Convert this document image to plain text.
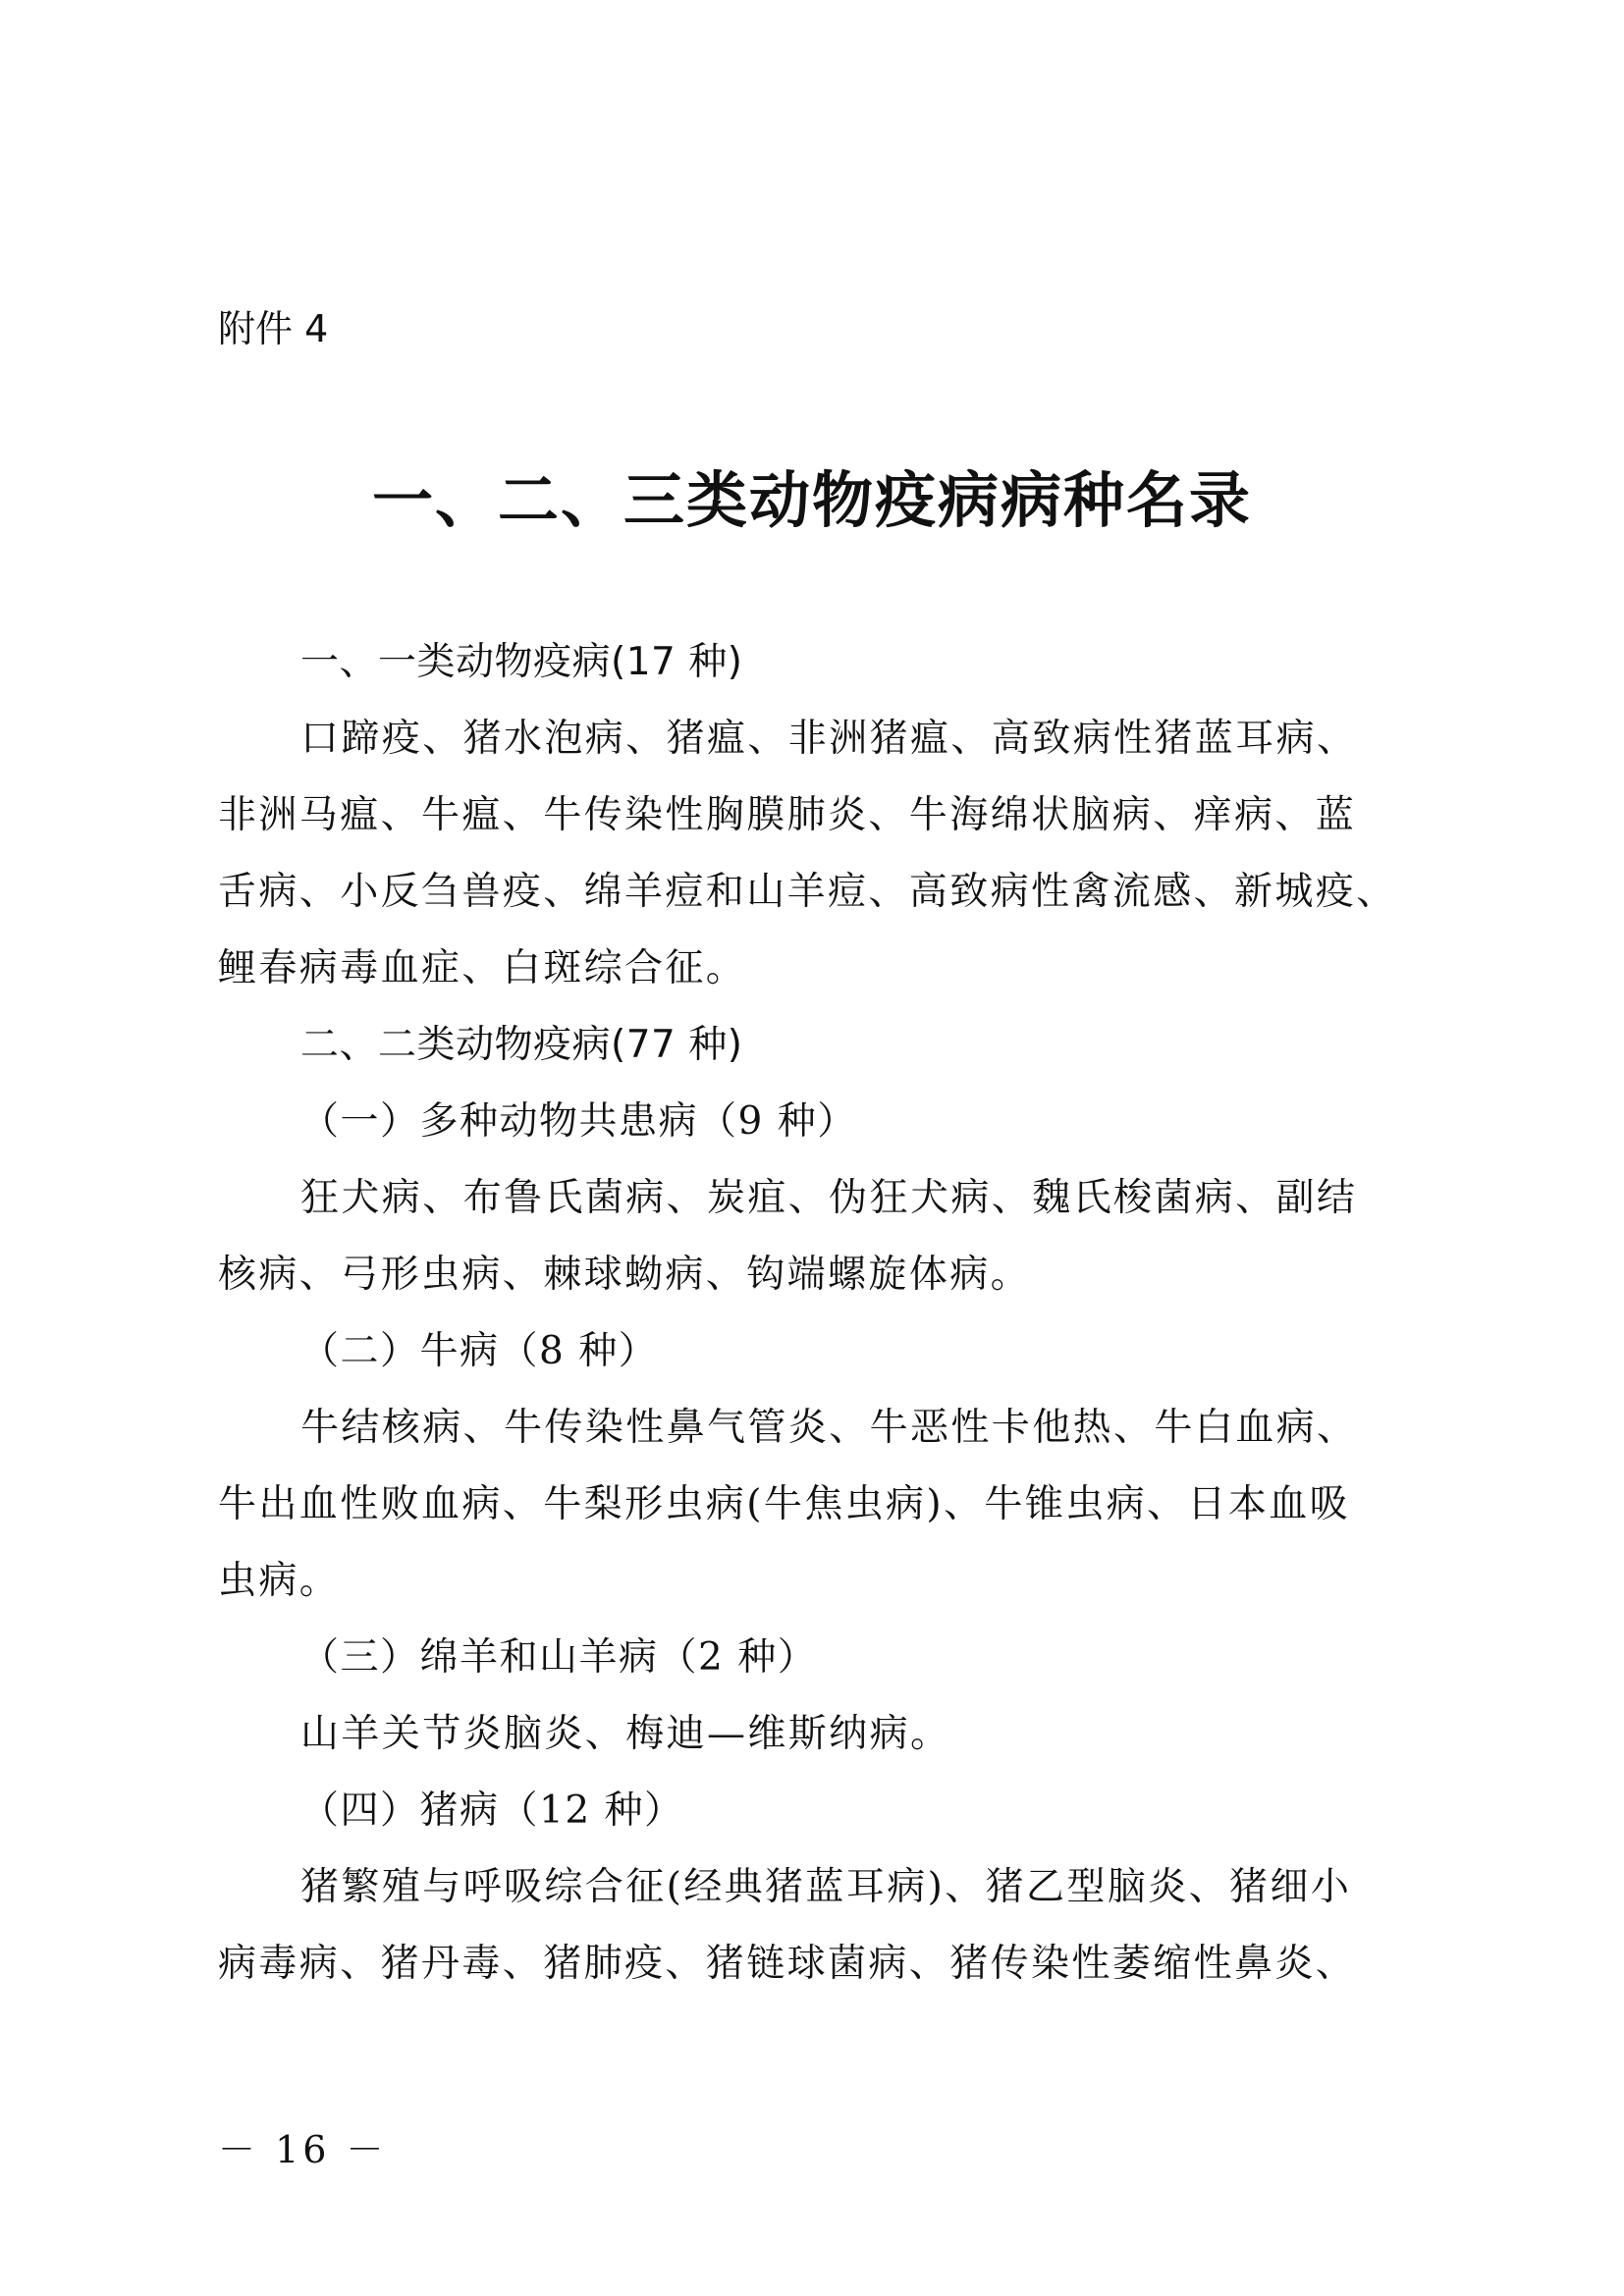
附件 4
一、二、三类动物疫病病种名录
一、一类动物疫病(17 种)
口蹄疫、猪水泡病、猪瘟、非洲猪瘟、高致病性猪蓝耳病、
非洲马瘟、牛瘟、牛传染性胸膜肺炎、牛海绵状脑病、痒病、蓝
舌病、小反刍兽疫、绵羊痘和山羊痘、高致病性禽流感、新城疫、
鲤春病毒血症、白斑综合征。
二、二类动物疫病(77 种)
（一）多种动物共患病（9 种）
狂犬病、布鲁氏菌病、炭疽、伪狂犬病、魏氏梭菌病、副结
核病、弓形虫病、棘球蚴病、钩端螺旋体病。
（二）牛病（8 种）
牛结核病、牛传染性鼻气管炎、牛恶性卡他热、牛白血病、
牛出血性败血病、牛梨形虫病(牛焦虫病)、牛锥虫病、日本血吸
虫病。
（三）绵羊和山羊病（2 种）
山羊关节炎脑炎、梅迪—维斯纳病。
（四）猪病（12 种）
猪繁殖与呼吸综合征(经典猪蓝耳病)、猪乙型脑炎、猪细小
病毒病、猪丹毒、猪肺疫、猪链球菌病、猪传染性萎缩性鼻炎、
－ 16 －
